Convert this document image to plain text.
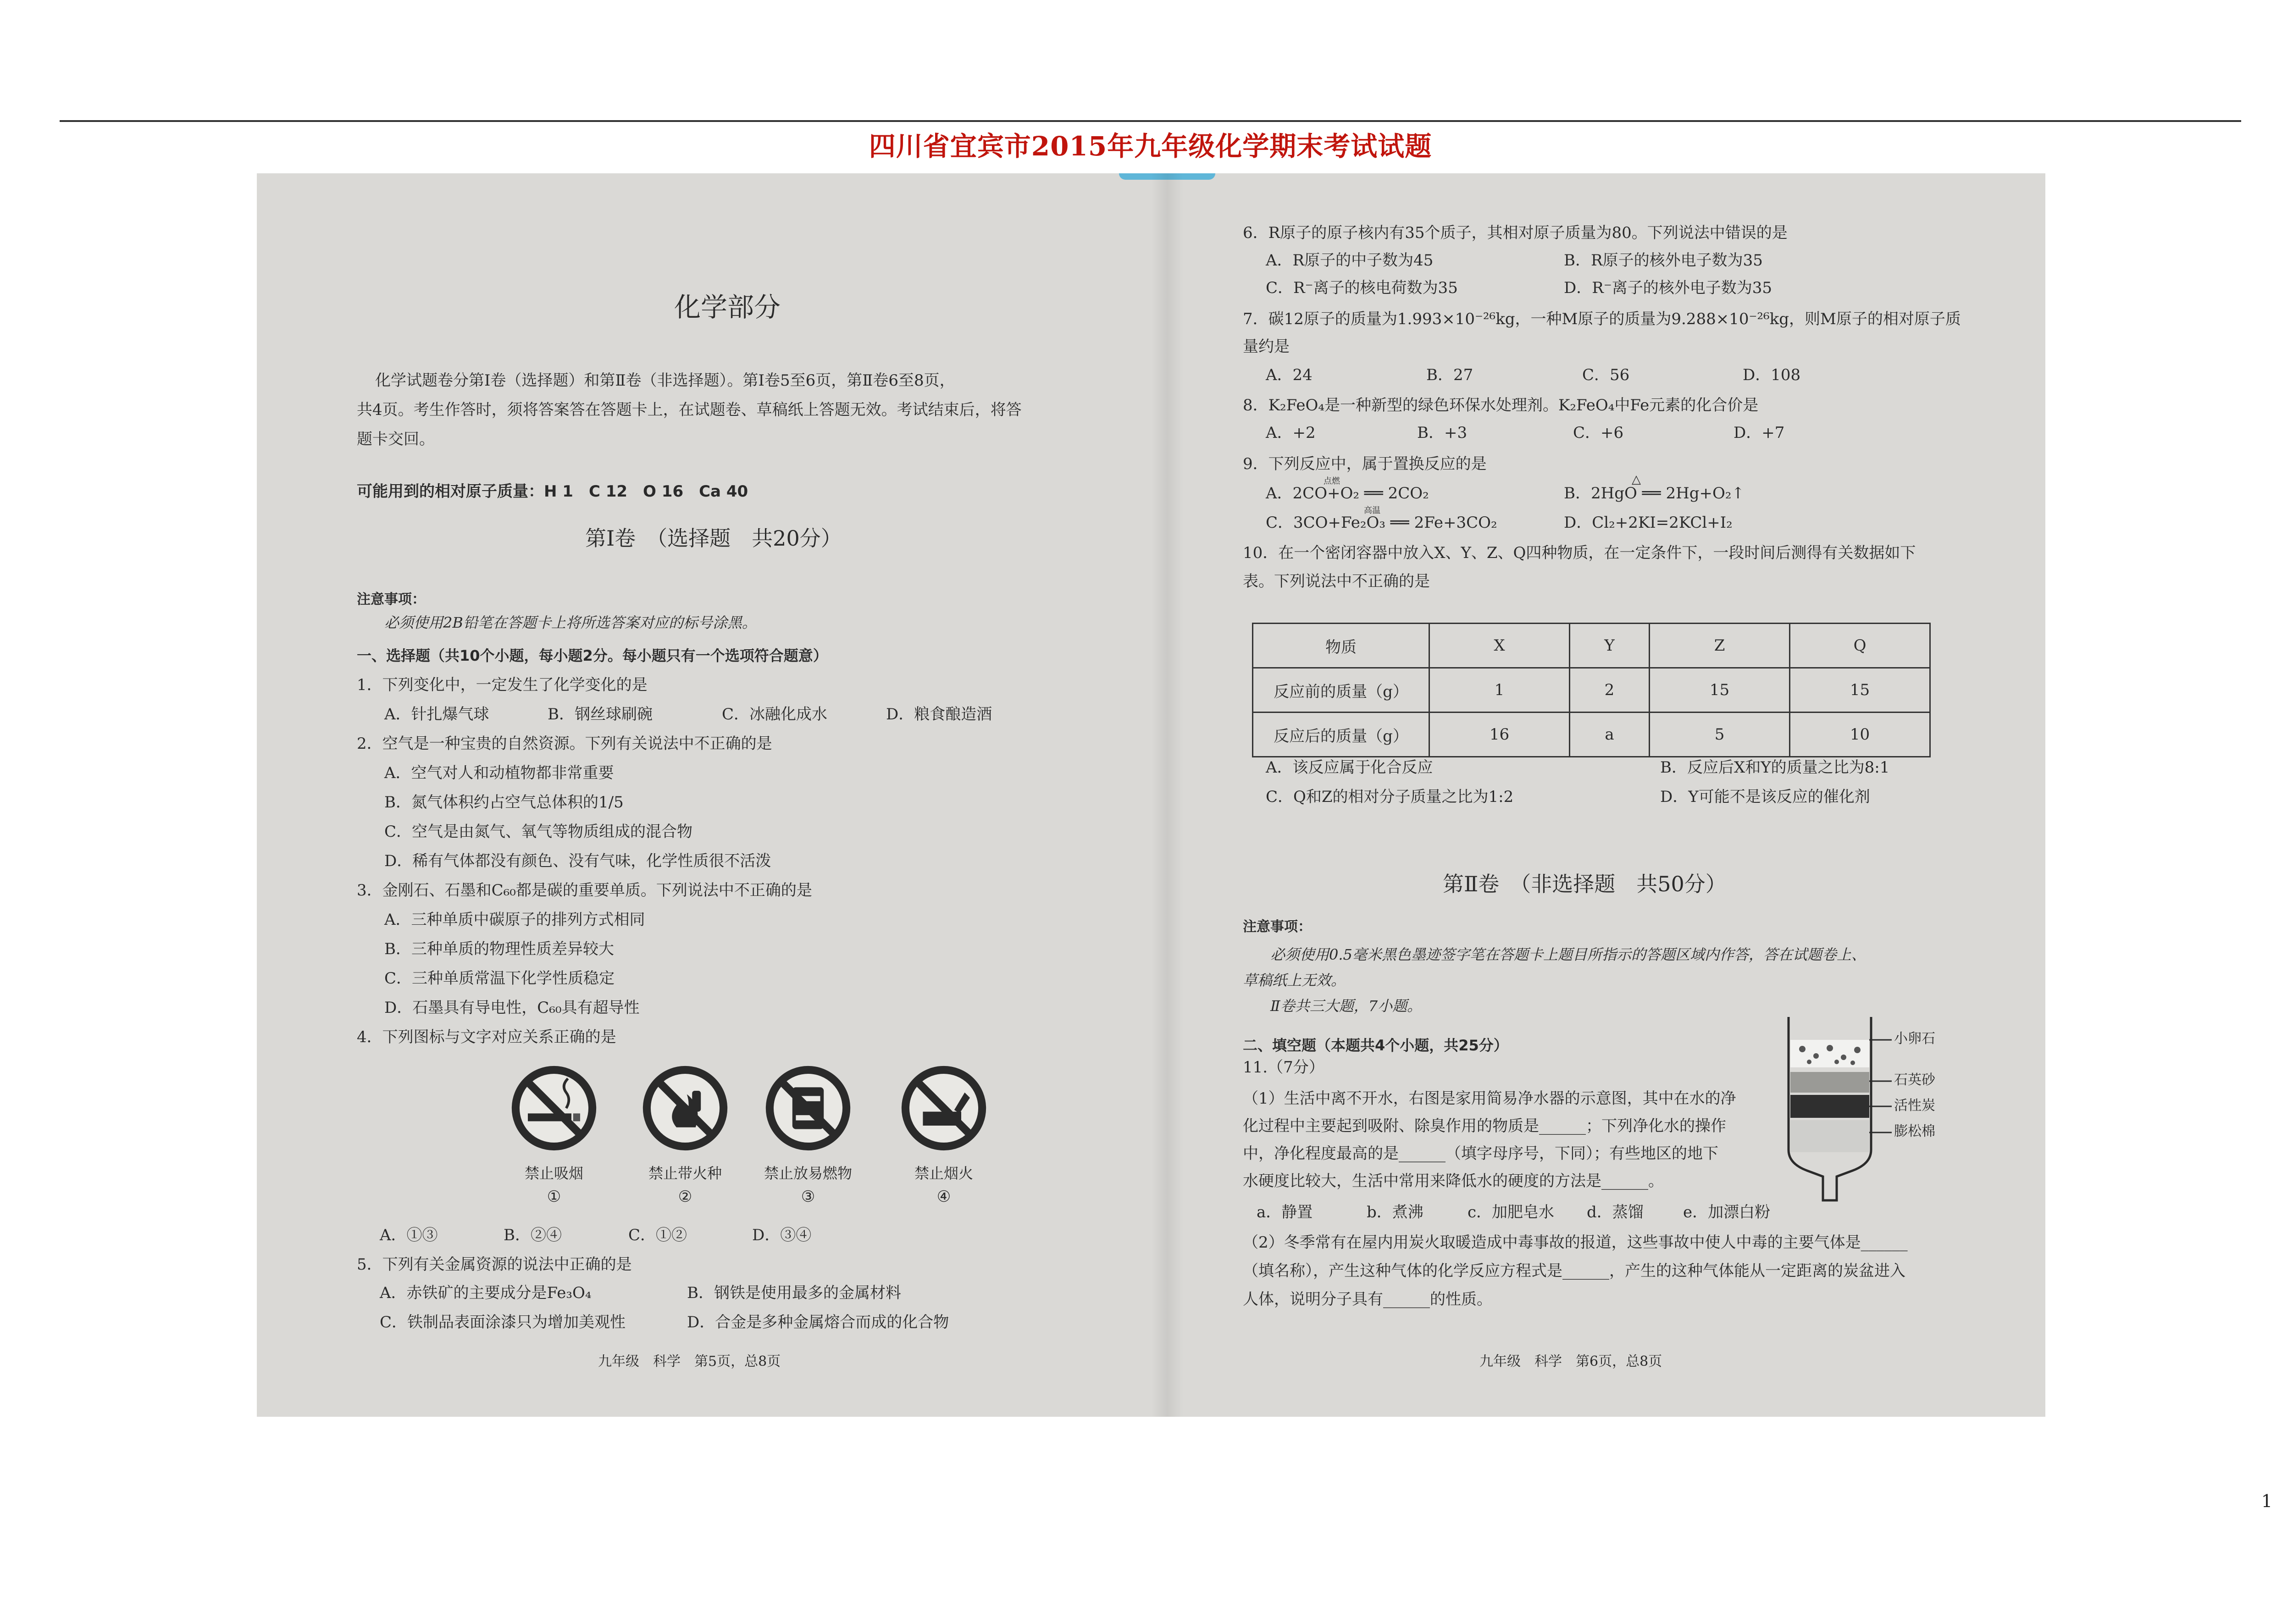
四川省宜宾市2015年九年级化学期末考试试题
化学部分
化学试题卷分第Ⅰ卷（选择题）和第Ⅱ卷（非选择题）。第Ⅰ卷5至6页，第Ⅱ卷6至8页，
共4页。考生作答时，须将答案答在答题卡上，在试题卷、草稿纸上答题无效。考试结束后，将答
题卡交回。
可能用到的相对原子质量：H 1　C 12　O 16　Ca 40
第Ⅰ卷　（选择题　共20分）
注意事项：
必须使用2B铅笔在答题卡上将所选答案对应的标号涂黑。
一、选择题（共10个小题，每小题2分。每小题只有一个选项符合题意）
1．下列变化中，一定发生了化学变化的是
A．针扎爆气球	B．钢丝球刷碗	C．冰融化成水	D．粮食酿造酒
2．空气是一种宝贵的自然资源。下列有关说法中不正确的是
A．空气对人和动植物都非常重要
B．氮气体积约占空气总体积的1/5
C．空气是由氮气、氧气等物质组成的混合物
D．稀有气体都没有颜色、没有气味，化学性质很不活泼
3．金刚石、石墨和C₆₀都是碳的重要单质。下列说法中不正确的是
A．三种单质中碳原子的排列方式相同
B．三种单质的物理性质差异较大
C．三种单质常温下化学性质稳定
D．石墨具有导电性，C₆₀具有超导性
4．下列图标与文字对应关系正确的是
禁止吸烟
①
禁止带火种
②
禁止放易燃物
③
禁止烟火
④
A．①③	B．②④	C．①②	D．③④
5．下列有关金属资源的说法中正确的是
A．赤铁矿的主要成分是Fe₃O₄	B．钢铁是使用最多的金属材料
C．铁制品表面涂漆只为增加美观性	D．合金是多种金属熔合而成的化合物
九年级　科学　第5页，总8页
6．R原子的原子核内有35个质子，其相对原子质量为80。下列说法中错误的是
A．R原子的中子数为45	B．R原子的核外电子数为35
C．R⁻离子的核电荷数为35	D．R⁻离子的核外电子数为35
7．碳12原子的质量为1.993×10⁻²⁶kg，一种M原子的质量为9.288×10⁻²⁶kg，则M原子的相对原子质
量约是
A．24	B．27	C．56	D．108
8．K₂FeO₄是一种新型的绿色环保水处理剂。K₂FeO₄中Fe元素的化合价是
A．+2	B．+3	C．+6	D．+7
9．下列反应中，属于置换反应的是
A．2CO+O₂ ══ 2CO₂
点燃
B．2HgO ══ 2Hg+O₂↑
△
C．3CO+Fe₂O₃ ══ 2Fe+3CO₂
高温
D．Cl₂+2KI=2KCl+I₂
10．在一个密闭容器中放入X、Y、Z、Q四种物质，在一定条件下，一段时间后测得有关数据如下
表。下列说法中不正确的是
物质	X	Y	Z	Q
反应前的质量（g）	1	2	15	15
反应后的质量（g）	16	a	5	10
A．该反应属于化合反应	B．反应后X和Y的质量之比为8:1
C．Q和Z的相对分子质量之比为1:2	D．Y可能不是该反应的催化剂
第Ⅱ卷　（非选择题　共50分）
注意事项：
必须使用0.5毫米黑色墨迹签字笔在答题卡上题目所指示的答题区域内作答，答在试题卷上、
草稿纸上无效。
Ⅱ卷共三大题，7小题。
二、填空题（本题共4个小题，共25分）
11.（7分）
（1）生活中离不开水，右图是家用简易净水器的示意图，其中在水的净
化过程中主要起到吸附、除臭作用的物质是______；下列净化水的操作
中，净化程度最高的是______（填字母序号，下同）；有些地区的地下
水硬度比较大，生活中常用来降低水的硬度的方法是______。
a．静置	b．煮沸	c．加肥皂水 d．蒸馏	e．加漂白粉
（2）冬季常有在屋内用炭火取暖造成中毒事故的报道，这些事故中使人中毒的主要气体是______
（填名称），产生这种气体的化学反应方程式是______，产生的这种气体能从一定距离的炭盆进入
人体，说明分子具有______的性质。
九年级　科学　第6页，总8页
小卵石
石英砂
活性炭
膨松棉
1
